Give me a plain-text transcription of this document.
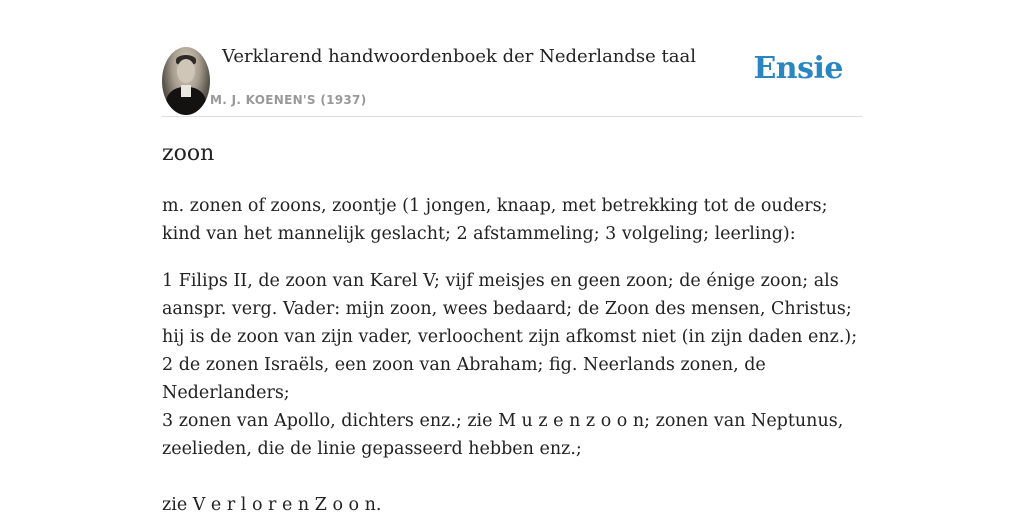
Verklarend handwoordenboek der Nederlandse taal
M. J. KOENEN'S (1937)
Ensie
zoon

m. zonen of zoons, zoontje (1 jongen, knaap, met betrekking tot de ouders; kind van het mannelijk geslacht; 2 afstammeling; 3 volgeling; leerling):

1 Filips II, de zoon van Karel V; vijf meisjes en geen zoon; de énige zoon; als aanspr. verg. Vader: mijn zoon, wees bedaard; de Zoon des mensen, Christus; hij is de zoon van zijn vader, verloochent zijn afkomst niet (in zijn daden enz.);

2 de zonen Israëls, een zoon van Abraham; fig. Neerlands zonen, de Nederlanders;

3 zonen van Apollo, dichters enz.; zie M u z e n z o o n; zonen van Neptunus, zeelieden, die de linie gepasseerd hebben enz.;

zie V e r l o r e n Z o o n.
